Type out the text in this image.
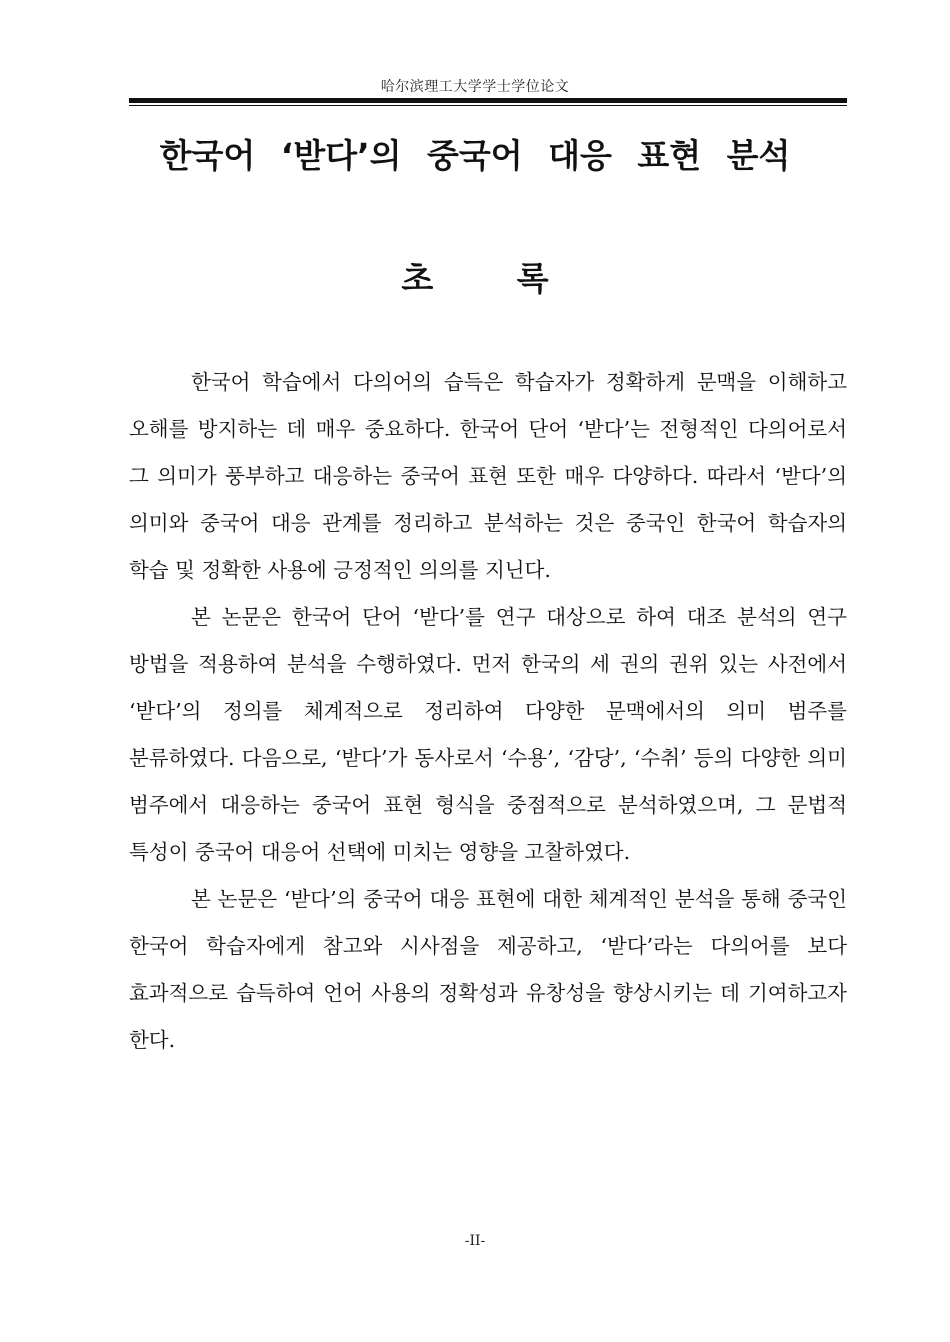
哈尔滨理工大学学士学位论文
한국어 ‘받다’의 중국어 대응 표현 분석
초 록

한국어 학습에서 다의어의 습득은 학습자가 정확하게 문맥을 이해하고 오해를 방지하는 데 매우 중요하다. 한국어 단어 ‘받다’는 전형적인 다의어로서 그 의미가 풍부하고 대응하는 중국어 표현 또한 매우 다양하다. 따라서 ‘받다’의 의미와 중국어 대응 관계를 정리하고 분석하는 것은 중국인 한국어 학습자의 학습 및 정확한 사용에 긍정적인 의의를 지닌다.

본 논문은 한국어 단어 ‘받다’를 연구 대상으로 하여 대조 분석의 연구 방법을 적용하여 분석을 수행하였다. 먼저 한국의 세 권의 권위 있는 사전에서 ‘받다’의 정의를 체계적으로 정리하여 다양한 문맥에서의 의미 범주를 분류하였다. 다음으로, ‘받다’가 동사로서 ‘수용’, ‘감당’, ‘수취’ 등의 다양한 의미 범주에서 대응하는 중국어 표현 형식을 중점적으로 분석하였으며, 그 문법적 특성이 중국어 대응어 선택에 미치는 영향을 고찰하였다.

본 논문은 ‘받다’의 중국어 대응 표현에 대한 체계적인 분석을 통해 중국인 한국어 학습자에게 참고와 시사점을 제공하고, ‘받다’라는 다의어를 보다 효과적으로 습득하여 언어 사용의 정확성과 유창성을 향상시키는 데 기여하고자 한다.

-II-
